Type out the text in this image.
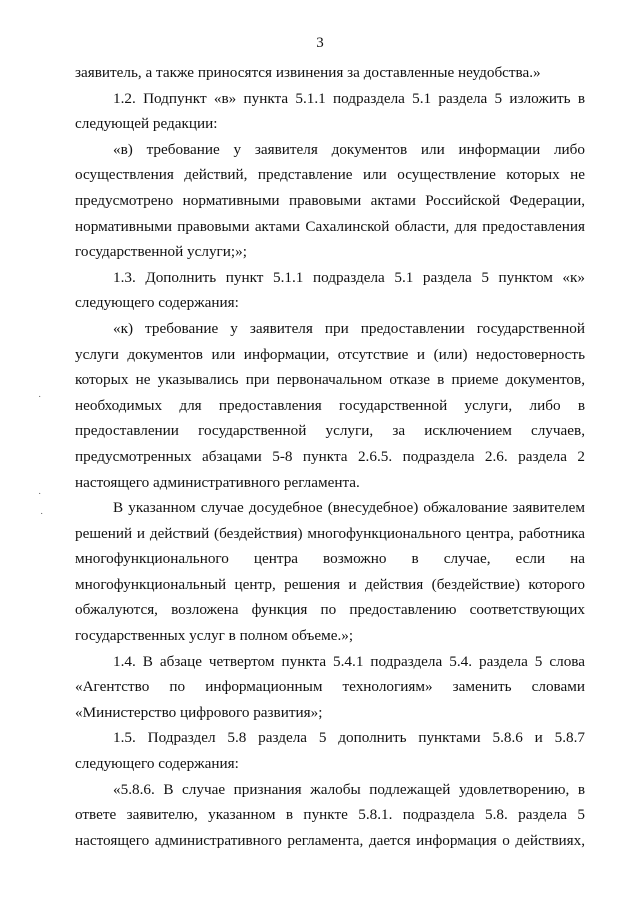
3
˙
˙
˙
заявитель, а также приносятся извинения за доставленные неудобства.»
1.2. Подпункт «в» пункта 5.1.1 подраздела 5.1 раздела 5 изложить в
следующей редакции:
«в) требование у заявителя документов или информации либо
осуществления действий, представление или осуществление которых не
предусмотрено нормативными правовыми актами Российской Федерации,
нормативными правовыми актами Сахалинской области, для предоставления
государственной услуги;»;
1.3. Дополнить пункт 5.1.1 подраздела 5.1 раздела 5 пунктом «к»
следующего содержания:
«к) требование у заявителя при предоставлении государственной
услуги документов или информации, отсутствие и (или) недостоверность
которых не указывались при первоначальном отказе в приеме документов,
необходимых для предоставления государственной услуги, либо в
предоставлении государственной услуги, за исключением случаев,
предусмотренных абзацами 5-8 пункта 2.6.5. подраздела 2.6. раздела 2
настоящего административного регламента.
В указанном случае досудебное (внесудебное) обжалование заявителем
решений и действий (бездействия) многофункционального центра, работника
многофункционального центра возможно в случае, если на
многофункциональный центр, решения и действия (бездействие) которого
обжалуются, возложена функция по предоставлению соответствующих
государственных услуг в полном объеме.»;
1.4. В абзаце четвертом пункта 5.4.1 подраздела 5.4. раздела 5 слова
«Агентство по информационным технологиям» заменить словами
«Министерство цифрового развития»;
1.5. Подраздел 5.8 раздела 5 дополнить пунктами 5.8.6 и 5.8.7
следующего содержания:
«5.8.6. В случае признания жалобы подлежащей удовлетворению, в
ответе заявителю, указанном в пункте 5.8.1. подраздела 5.8. раздела 5
настоящего административного регламента, дается информация о действиях,
